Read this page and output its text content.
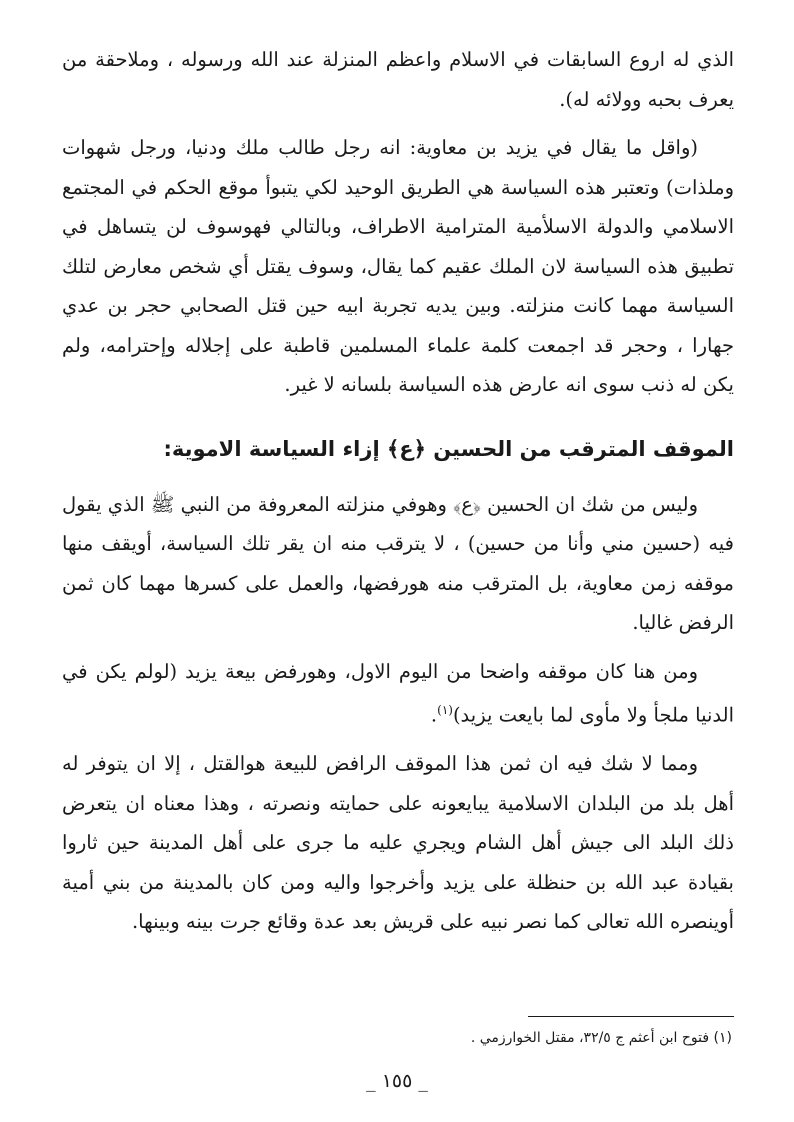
الذي له اروع السابقات في الاسلام واعظم المنزلة عند الله ورسوله ، وملاحقة من يعرف بحبه وولائه له).

(واقل ما يقال في يزيد بن معاوية: انه رجل طالب ملك ودنيا، ورجل شهوات وملذات) وتعتبر هذه السياسة هي الطريق الوحيد لكي يتبوأ موقع الحكم في المجتمع الاسلامي والدولة الاسلأمية المترامية الاطراف، وبالتالي فهوسوف لن يتساهل في تطبيق هذه السياسة لان الملك عقيم كما يقال، وسوف يقتل أي شخص معارض لتلك السياسة مهما كانت منزلته. وبين يديه تجربة ابيه حين قتل الصحابي حجر بن عدي جهارا ، وحجر قد اجمعت كلمة علماء المسلمين قاطبة على إجلاله وإحترامه، ولم يكن له ذنب سوى انه عارض هذه السياسة بلسانه لا غير.

الموقف المترقب من الحسين ﴿ع﴾ إزاء السياسة الاموية:

وليس من شك ان الحسين ﴿ع﴾ وهوفي منزلته المعروفة من النبي ﷺ الذي يقول فيه (حسين مني وأنا من حسين) ، لا يترقب منه ان يقر تلك السياسة، أويقف منها موقفه زمن معاوية، بل المترقب منه هورفضها، والعمل على كسرها مهما كان ثمن الرفض غاليا.

ومن هنا كان موقفه واضحا من اليوم الاول، وهورفض بيعة يزيد (لولم يكن في الدنيا ملجأ ولا مأوى لما بايعت يزيد)$^{(١)}$.

ومما لا شك فيه ان ثمن هذا الموقف الرافض للبيعة هوالقتل ، إلا ان يتوفر له أهل بلد من البلدان الاسلامية يبايعونه على حمايته ونصرته ، وهذا معناه ان يتعرض ذلك البلد الى جيش أهل الشام ويجري عليه ما جرى على أهل المدينة حين ثاروا بقيادة عبد الله بن حنظلة على يزيد وأخرجوا واليه ومن كان بالمدينة من بني أمية أوينصره الله تعالى كما نصر نبيه على قريش بعد عدة وقائع جرت بينه وبينها.

(١) فتوح ابن أعثم ج ٣٢/٥، مقتل الخوارزمي .
_ ١٥٥ _
